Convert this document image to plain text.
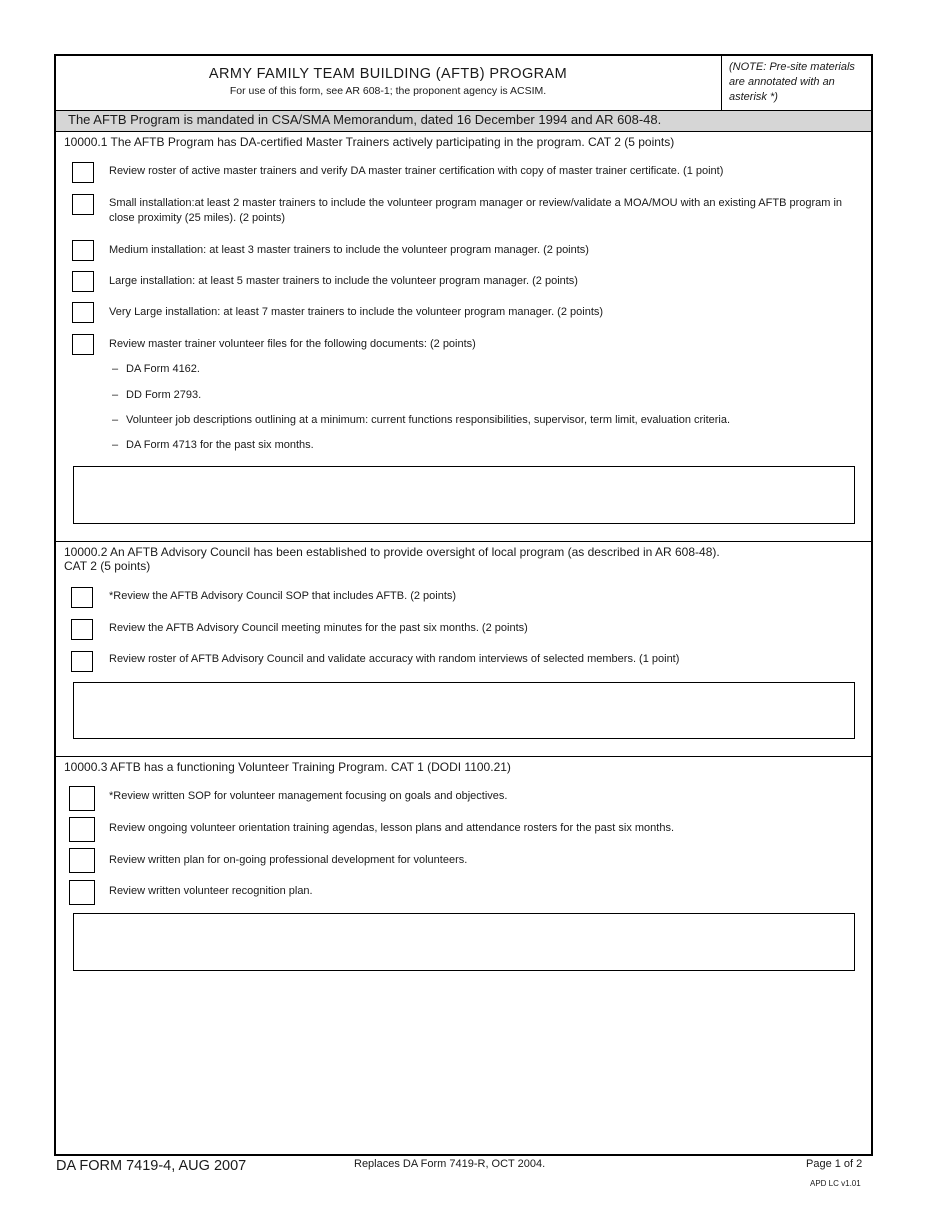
ARMY FAMILY TEAM BUILDING (AFTB) PROGRAM
For use of this form, see AR 608-1; the proponent agency is ACSIM.
(NOTE: Pre-site materials are annotated with an asterisk *)
The AFTB Program is mandated in CSA/SMA Memorandum, dated 16 December 1994 and AR 608-48.
10000.1 The AFTB Program has DA-certified Master Trainers actively participating in the program. CAT 2 (5 points)
Review roster of active master trainers and verify DA master trainer certification with copy of master trainer certificate. (1 point)
Small installation:at least 2 master trainers to include the volunteer program manager or review/validate a MOA/MOU with an existing AFTB program in close proximity (25 miles). (2 points)
Medium installation: at least 3 master trainers to include the volunteer program manager. (2 points)
Large installation: at least 5 master trainers to include the volunteer program manager. (2 points)
Very Large installation: at least 7 master trainers to include the volunteer program manager. (2 points)
Review master trainer volunteer files for the following documents: (2 points)
– DA Form 4162.
– DD Form 2793.
– Volunteer job descriptions outlining at a minimum: current functions responsibilities, supervisor, term limit, evaluation criteria.
– DA Form 4713 for the past six months.
10000.2 An AFTB Advisory Council has been established to provide oversight of local program (as described in AR 608-48).
CAT 2 (5 points)
*Review the AFTB Advisory Council SOP that includes AFTB. (2 points)
Review the AFTB Advisory Council meeting minutes for the past six months. (2 points)
Review roster of AFTB Advisory Council and validate accuracy with random interviews of selected members. (1 point)
10000.3 AFTB has a functioning Volunteer Training Program. CAT 1 (DODI 1100.21)
*Review written SOP for volunteer management focusing on goals and objectives.
Review ongoing volunteer orientation training agendas, lesson plans and attendance rosters for the past six months.
Review written plan for on-going professional development for volunteers.
Review written volunteer recognition plan.
DA FORM 7419-4, AUG 2007	Replaces DA Form 7419-R, OCT 2004.	Page 1 of 2
APD LC v1.01
